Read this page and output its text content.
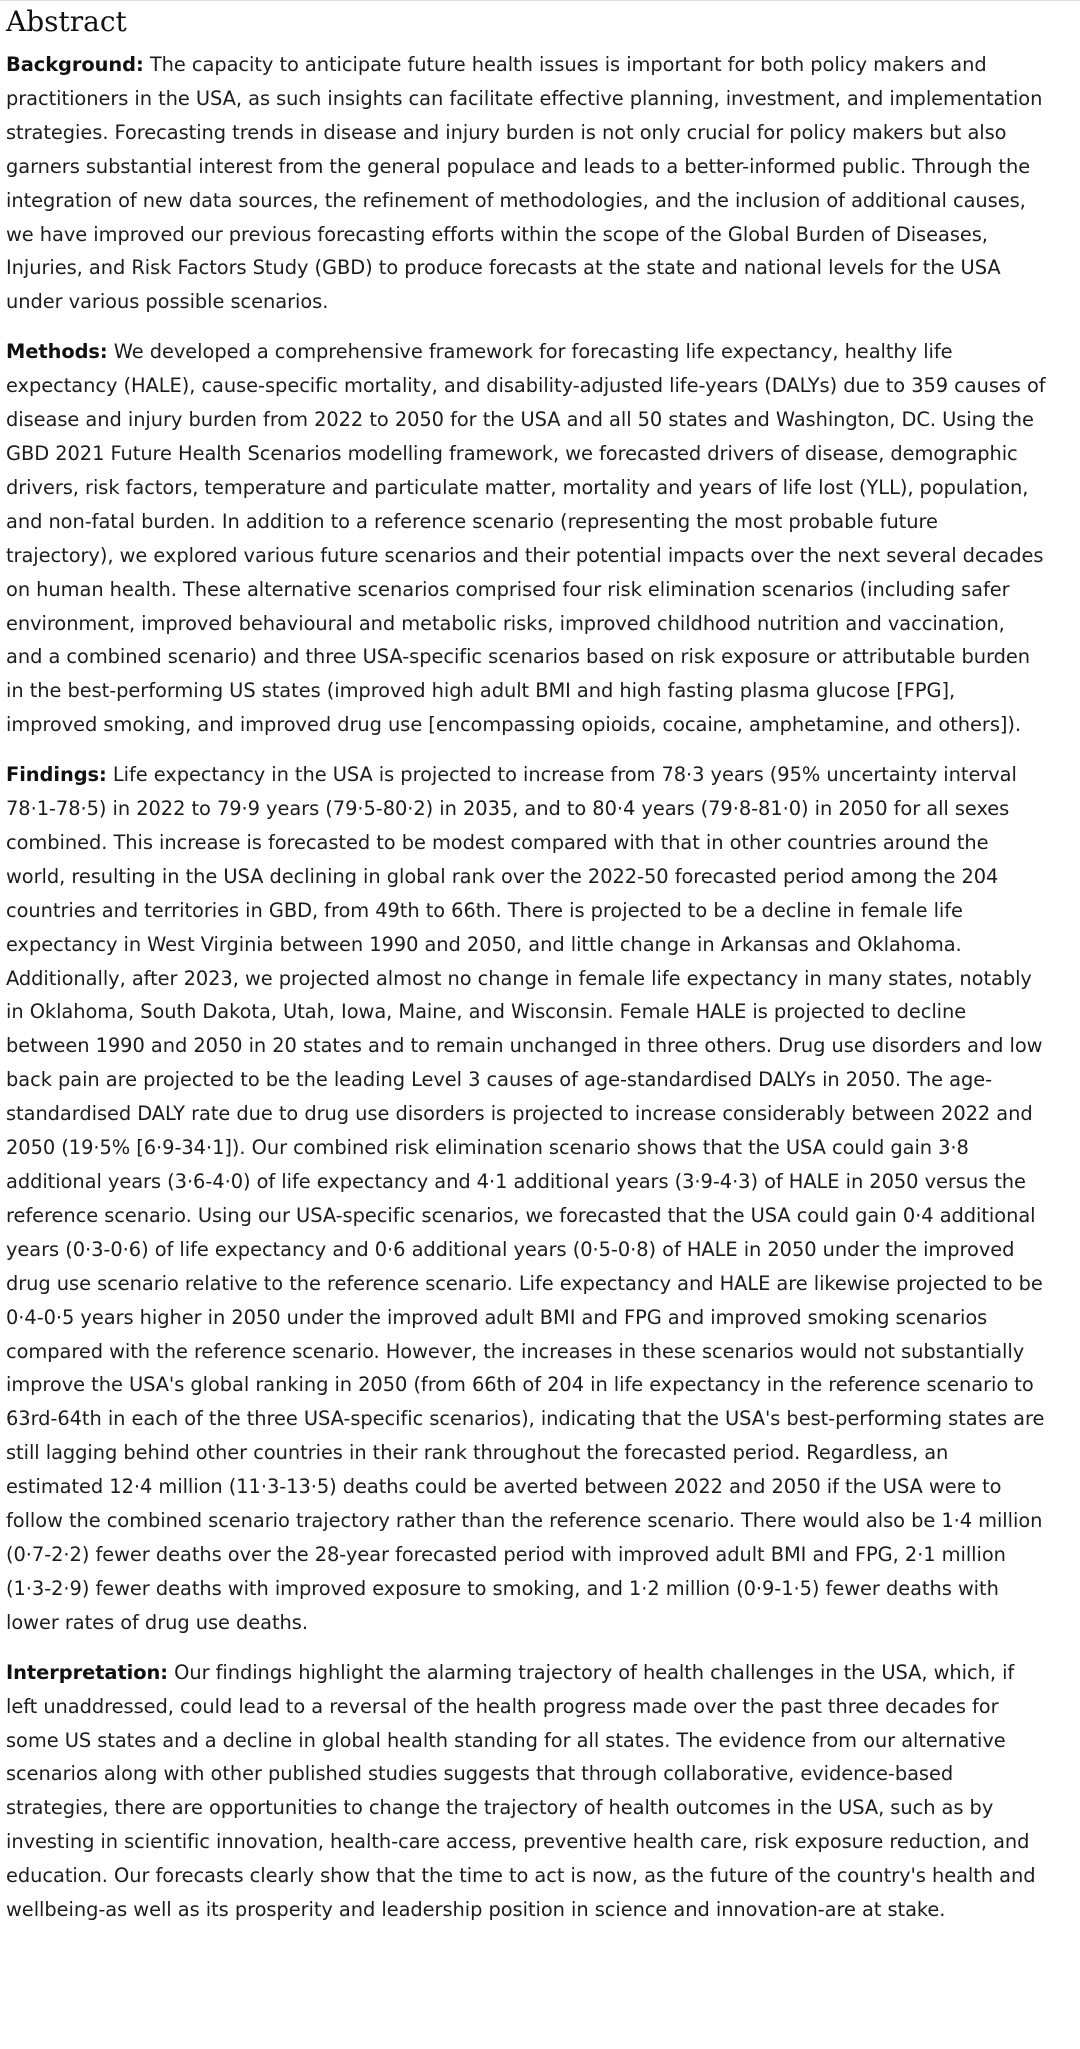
Abstract

Background: The capacity to anticipate future health issues is important for both policy makers and practitioners in the USA, as such insights can facilitate effective planning, investment, and implementation strategies. Forecasting trends in disease and injury burden is not only crucial for policy makers but also garners substantial interest from the general populace and leads to a better-informed public. Through the integration of new data sources, the refinement of methodologies, and the inclusion of additional causes, we have improved our previous forecasting efforts within the scope of the Global Burden of Diseases, Injuries, and Risk Factors Study (GBD) to produce forecasts at the state and national levels for the USA under various possible scenarios.

Methods: We developed a comprehensive framework for forecasting life expectancy, healthy life expectancy (HALE), cause-specific mortality, and disability-adjusted life-years (DALYs) due to 359 causes of disease and injury burden from 2022 to 2050 for the USA and all 50 states and Washington, DC. Using the GBD 2021 Future Health Scenarios modelling framework, we forecasted drivers of disease, demographic drivers, risk factors, temperature and particulate matter, mortality and years of life lost (YLL), population, and non-fatal burden. In addition to a reference scenario (representing the most probable future trajectory), we explored various future scenarios and their potential impacts over the next several decades on human health. These alternative scenarios comprised four risk elimination scenarios (including safer environment, improved behavioural and metabolic risks, improved childhood nutrition and vaccination, and a combined scenario) and three USA-specific scenarios based on risk exposure or attributable burden in the best-performing US states (improved high adult BMI and high fasting plasma glucose [FPG], improved smoking, and improved drug use [encompassing opioids, cocaine, amphetamine, and others]).

Findings: Life expectancy in the USA is projected to increase from 78·3 years (95% uncertainty interval 78·1-78·5) in 2022 to 79·9 years (79·5-80·2) in 2035, and to 80·4 years (79·8-81·0) in 2050 for all sexes combined. This increase is forecasted to be modest compared with that in other countries around the world, resulting in the USA declining in global rank over the 2022-50 forecasted period among the 204 countries and territories in GBD, from 49th to 66th. There is projected to be a decline in female life expectancy in West Virginia between 1990 and 2050, and little change in Arkansas and Oklahoma. Additionally, after 2023, we projected almost no change in female life expectancy in many states, notably in Oklahoma, South Dakota, Utah, Iowa, Maine, and Wisconsin. Female HALE is projected to decline between 1990 and 2050 in 20 states and to remain unchanged in three others. Drug use disorders and low back pain are projected to be the leading Level 3 causes of age-standardised DALYs in 2050. The age-standardised DALY rate due to drug use disorders is projected to increase considerably between 2022 and 2050 (19·5% [6·9-34·1]). Our combined risk elimination scenario shows that the USA could gain 3·8 additional years (3·6-4·0) of life expectancy and 4·1 additional years (3·9-4·3) of HALE in 2050 versus the reference scenario. Using our USA-specific scenarios, we forecasted that the USA could gain 0·4 additional years (0·3-0·6) of life expectancy and 0·6 additional years (0·5-0·8) of HALE in 2050 under the improved drug use scenario relative to the reference scenario. Life expectancy and HALE are likewise projected to be 0·4-0·5 years higher in 2050 under the improved adult BMI and FPG and improved smoking scenarios compared with the reference scenario. However, the increases in these scenarios would not substantially improve the USA's global ranking in 2050 (from 66th of 204 in life expectancy in the reference scenario to 63rd-64th in each of the three USA-specific scenarios), indicating that the USA's best-performing states are still lagging behind other countries in their rank throughout the forecasted period. Regardless, an estimated 12·4 million (11·3-13·5) deaths could be averted between 2022 and 2050 if the USA were to follow the combined scenario trajectory rather than the reference scenario. There would also be 1·4 million (0·7-2·2) fewer deaths over the 28-year forecasted period with improved adult BMI and FPG, 2·1 million (1·3-2·9) fewer deaths with improved exposure to smoking, and 1·2 million (0·9-1·5) fewer deaths with lower rates of drug use deaths.

Interpretation: Our findings highlight the alarming trajectory of health challenges in the USA, which, if left unaddressed, could lead to a reversal of the health progress made over the past three decades for some US states and a decline in global health standing for all states. The evidence from our alternative scenarios along with other published studies suggests that through collaborative, evidence-based strategies, there are opportunities to change the trajectory of health outcomes in the USA, such as by investing in scientific innovation, health-care access, preventive health care, risk exposure reduction, and education. Our forecasts clearly show that the time to act is now, as the future of the country's health and wellbeing-as well as its prosperity and leadership position in science and innovation-are at stake.
